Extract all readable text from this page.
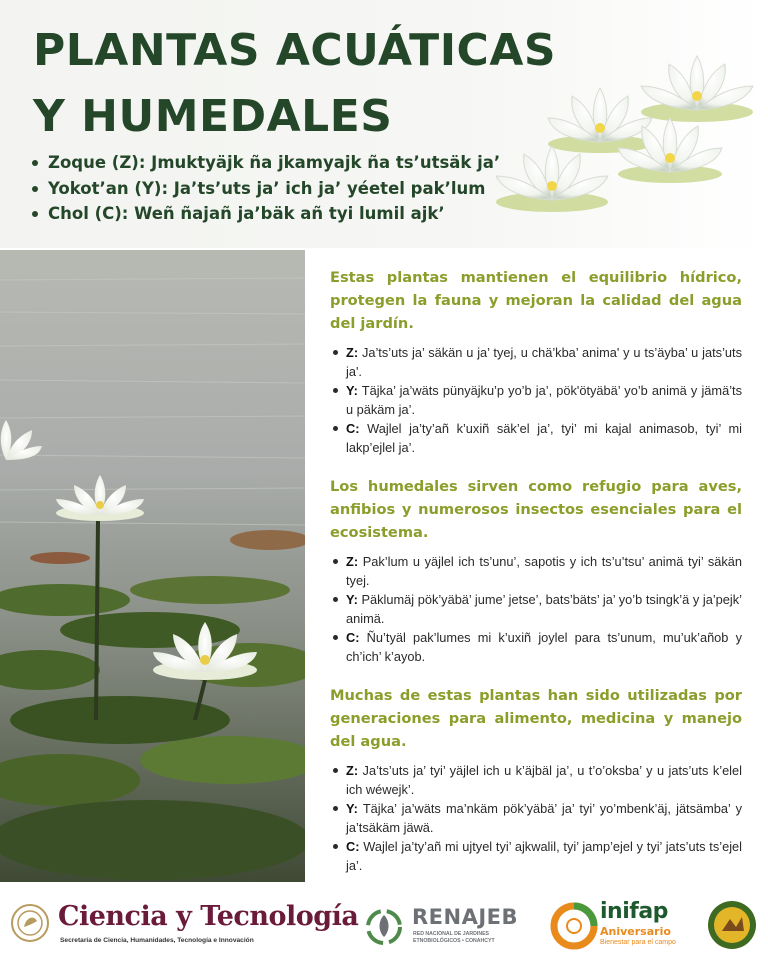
PLANTAS ACUÁTICAS Y HUMEDALES
Zoque (Z): Jmuktyäjk ña jkamyajk ña ts’utsäk ja’
Yokot’an (Y): Ja’ts’uts ja’ ich ja’ yéetel pak’lum
Chol (C): Weñ ñajañ ja’bäk añ tyi lumil ajk’

Estas plantas mantienen el equilibrio hídrico, protegen la fauna y mejoran la calidad del agua del jardín.

Z: Ja’ts’uts ja’ säkän u ja’ tyej, u chä’kba’ anima' y u ts’äyba’ u jats’uts ja'.
Y: Täjka’ ja’wäts pünyäjku’p yo’b ja’, pök'ötyäbä’ yo’b animä y jämä’ts u päkäm ja’.
C: Wajlel ja’ty’añ k’uxiñ säk’el ja’, tyi’ mi kajal animasob, tyi’ mi lakp’ejlel ja’.

Los humedales sirven como refugio para aves, anfibios y numerosos insectos esenciales para el ecosistema.

Z: Pak’lum u yäjlel ich ts’unu’, sapotis y ich ts’u’tsu’ animä tyi’ säkän tyej.
Y: Päklumäj pök’yäbä’ jume’ jetse’, bats’bäts’ ja’ yo’b tsingk’ä y ja’pejk’ animä.
C: Ñu’tyäl pak’lumes mi k’uxiñ joylel para ts’unum, mu’uk’añob y ch’ich’ k’ayob.

Muchas de estas plantas han sido utilizadas por generaciones para alimento, medicina y manejo del agua.

Z: Ja’ts’uts ja’ tyi’ yäjlel ich u k’äjbäl ja’, u t’o’oksba’ y u jats’uts k’elel ich wéwejk’.
Y: Täjka’ ja’wäts ma’nkäm pök’yäbä’ ja’ tyi’ yo’mbenk’äj, jätsämba’ y ja’tsäkäm jäwä.
C: Wajlel ja’ty’añ mi ujtyel tyi’ ajkwalil, tyi’ jamp’ejel y tyi’ jats’uts ts’ejel ja’.
Ciencia y Tecnología
Secretaría de Ciencia, Humanidades, Tecnología e Innovación
RENAJEB
RED NACIONAL DE JARDINES ETNOBIOLÓGICOS • CONAHCYT
inifap
Aniversario
Bienestar para el campo
